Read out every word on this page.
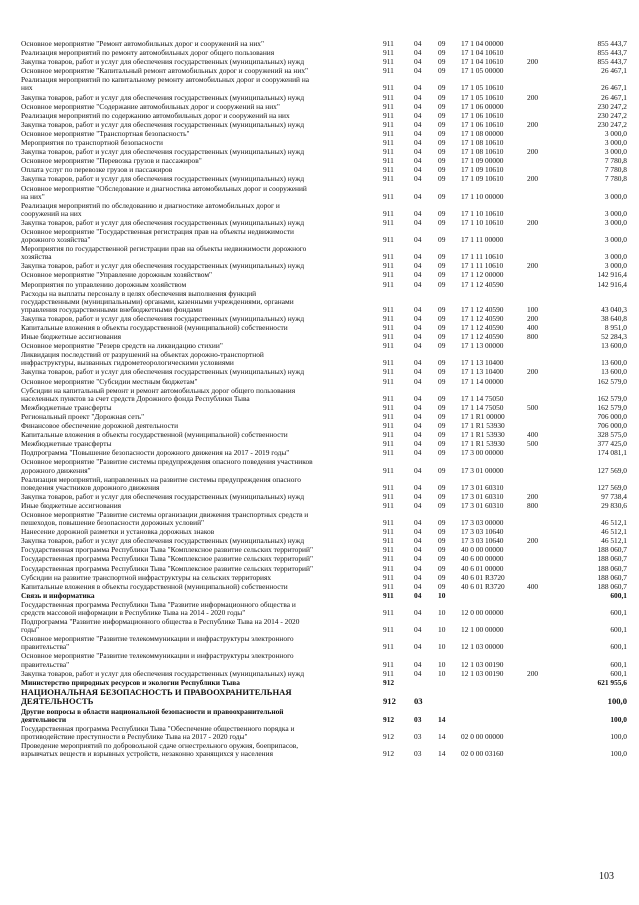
Основное мероприятие "Ремонт автомобильных дорог и сооружений на них"	911	04 09 17 1 04 00000	855 443,7
Реализация мероприятий по ремонту автомобильных дорог общего пользования	911	04 09 17 1 04 10610	855 443,7
Закупка товаров, работ и услуг для обеспечения государственных (муниципальных) нужд	911	04 09 17 1 04 10610	200	855 443,7
Основное мероприятие "Капитальный ремонт автомобильных дорог и сооружений на них"	911	04 09 17 1 05 00000	26 467,1
Реализация мероприятий по капитальному ремонту автомобильных дорог и сооружений на
них	911	04 09 17 1 05 10610	26 467,1
Закупка товаров, работ и услуг для обеспечения государственных (муниципальных) нужд	911	04 09 17 1 05 10610	200	26 467,1
Основное мероприятие "Содержание автомобильных дорог и сооружений на них"	911	04 09 17 1 06 00000	230 247,2
Реализация мероприятий по содержанию автомобильных дорог и сооружений на них	911	04 09 17 1 06 10610	230 247,2
Закупка товаров, работ и услуг для обеспечения государственных (муниципальных) нужд	911	04 09 17 1 06 10610	200	230 247,2
Основное мероприятие "Транспортная безопасность"	911	04 09 17 1 08 00000	3 000,0
Мероприятия по транспортной безопасности	911	04 09 17 1 08 10610	3 000,0
Закупка товаров, работ и услуг для обеспечения государственных (муниципальных) нужд	911	04 09 17 1 08 10610	200	3 000,0
Основное мероприятие "Перевозка грузов и пассажиров"	911	04 09 17 1 09 00000	7 780,8
Оплата услуг по перевозке грузов и пассажиров	911	04 09 17 1 09 10610	7 780,8
Закупка товаров, работ и услуг для обеспечения государственных (муниципальных) нужд	911	04 09 17 1 09 10610	200	7 780,8
Основное мероприятие "Обследование и диагностика автомобильных дорог и сооружений
на них"	911	04 09 17 1 10 00000	3 000,0
Реализация мероприятий по обследованию и диагностике автомобильных дорог и
сооружений на них	911	04 09 17 1 10 10610	3 000,0
Закупка товаров, работ и услуг для обеспечения государственных (муниципальных) нужд	911	04 09 17 1 10 10610	200	3 000,0
Основное мероприятие "Государственная регистрация прав на объекты недвижимости
дорожного хозяйства"	911	04 09 17 1 11 00000	3 000,0
Мероприятия по государственной регистрации прав на объекты недвижимости дорожного
хозяйства	911	04 09 17 1 11 10610	3 000,0
Закупка товаров, работ и услуг для обеспечения государственных (муниципальных) нужд	911	04 09 17 1 11 10610	200	3 000,0
Основное мероприятие "Управление дорожным хозяйством"	911	04 09 17 1 12 00000	142 916,4
Мероприятия по управлению дорожным хозяйством	911	04 09 17 1 12 40590	142 916,4
Расходы на выплаты персоналу в целях обеспечения выполнения функций
государственными (муниципальными) органами, казенными учреждениями, органами
управления государственными внебюджетными фондами	911	04 09 17 1 12 40590	100	43 040,3
Закупка товаров, работ и услуг для обеспечения государственных (муниципальных) нужд	911	04 09 17 1 12 40590	200	38 640,8
Капитальные вложения в объекты государственной (муниципальной) собственности	911	04 09 17 1 12 40590	400	8 951,0
Иные бюджетные ассигнования	911	04 09 17 1 12 40590	800	52 284,3
Основное мероприятие "Резерв средств на ликвидацию стихии"	911	04 09 17 1 13 00000	13 600,0
Ликвидация последствий от разрушений на объектах дорожно-транспортной
инфраструктуры, вызванных гидрометеорологическими условиями	911	04 09 17 1 13 10400	13 600,0
Закупка товаров, работ и услуг для обеспечения государственных (муниципальных) нужд	911	04 09 17 1 13 10400	200	13 600,0
Основное мероприятие "Субсидии местным бюджетам"	911	04 09 17 1 14 00000	162 579,0
Субсидии на капитальный ремонт и ремонт автомобильных дорог общего пользования
населенных пунктов за счет средств Дорожного фонда Республики Тыва	911	04 09 17 1 14 75050	162 579,0
Межбюджетные трансферты	911	04 09 17 1 14 75050	500	162 579,0
Региональный проект "Дорожная сеть"	911	04 09 17 1 R1 00000	706 000,0
Финансовое обеспечение дорожной деятельности	911	04 09 17 1 R1 53930	706 000,0
Капитальные вложения в объекты государственной (муниципальной) собственности	911	04 09 17 1 R1 53930	400	328 575,0
Межбюджетные трансферты	911	04 09 17 1 R1 53930	500	377 425,0
Подпрограмма "Повышение безопасности дорожного движения на 2017 - 2019 годы"	911	04 09 17 3 00 00000	174 081,1
Основное мероприятие "Развитие системы предупреждения опасного поведения участников
дорожного движения"	911	04 09 17 3 01 00000	127 569,0
Реализация мероприятий, направленных на развитие системы предупреждения опасного
поведения участников дорожного движения	911	04 09 17 3 01 60310	127 569,0
Закупка товаров, работ и услуг для обеспечения государственных (муниципальных) нужд	911	04 09 17 3 01 60310	200	97 738,4
Иные бюджетные ассигнования	911	04 09 17 3 01 60310	800	29 830,6
Основное мероприятие "Развитие системы организации движения транспортных средств и
пешеходов, повышение безопасности дорожных условий"	911	04 09 17 3 03 00000	46 512,1
Нанесение дорожной разметки и установка дорожных знаков	911	04 09 17 3 03 10640	46 512,1
Закупка товаров, работ и услуг для обеспечения государственных (муниципальных) нужд	911	04 09 17 3 03 10640	200	46 512,1
Государственная программа Республики Тыва "Комплексное развитие сельских территорий"	911	04 09 40 0 00 00000	188 060,7
Государственная программа Республики Тыва "Комплексное развитие сельских территорий"	911	04 09 40 6 00 00000	188 060,7
Государственная программа Республики Тыва "Комплексное развитие сельских территорий"	911	04 09 40 6 01 00000	188 060,7
Субсидии на развитие транспортной инфраструктуры на сельских территориях	911	04 09 40 6 01 R3720	188 060,7
Капитальные вложения в объекты государственной (муниципальной) собственности	911	04 09 40 6 01 R3720	400	188 060,7
Связь и информатика	911	04 10	600,1
Государственная программа Республики Тыва "Развитие информационного общества и
средств массовой информации в Республике Тыва на 2014 - 2020 годы"	911	04 10 12 0 00 00000	600,1
Подпрограмма "Развитие информационного общества в Республике Тыва на 2014 - 2020
годы"	911	04 10 12 1 00 00000	600,1
Основное мероприятие "Развитие телекоммуникации и инфраструктуры электронного
правительства"	911	04 10 12 1 03 00000	600,1
Основное мероприятие "Развитие телекоммуникации и инфраструктуры электронного
правительства"	911	04 10 12 1 03 00190	600,1
Закупка товаров, работ и услуг для обеспечения государственных (муниципальных) нужд	911	04 10 12 1 03 00190	200	600,1
Министерство природных ресурсов и экологии Республики Тыва	912	621 955,6
НАЦИОНАЛЬНАЯ БЕЗОПАСНОСТЬ И ПРАВООХРАНИТЕЛЬНАЯ
ДЕЯТЕЛЬНОСТЬ	912 03	100,0
Другие вопросы в области национальной безопасности и правоохранительной
деятельности	912	03 14	100,0
Государственная программа Республики Тыва "Обеспечение общественного порядка и
противодействие преступности в Республике Тыва на 2017 - 2020 годы"	912	03 14 02 0 00 00000	100,0
Проведение мероприятий по добровольной сдаче огнестрельного оружия, боеприпасов,
взрывчатых веществ и взрывных устройств, незаконно хранящихся у населения	912	03 14 02 0 00 03160	100,0
103
